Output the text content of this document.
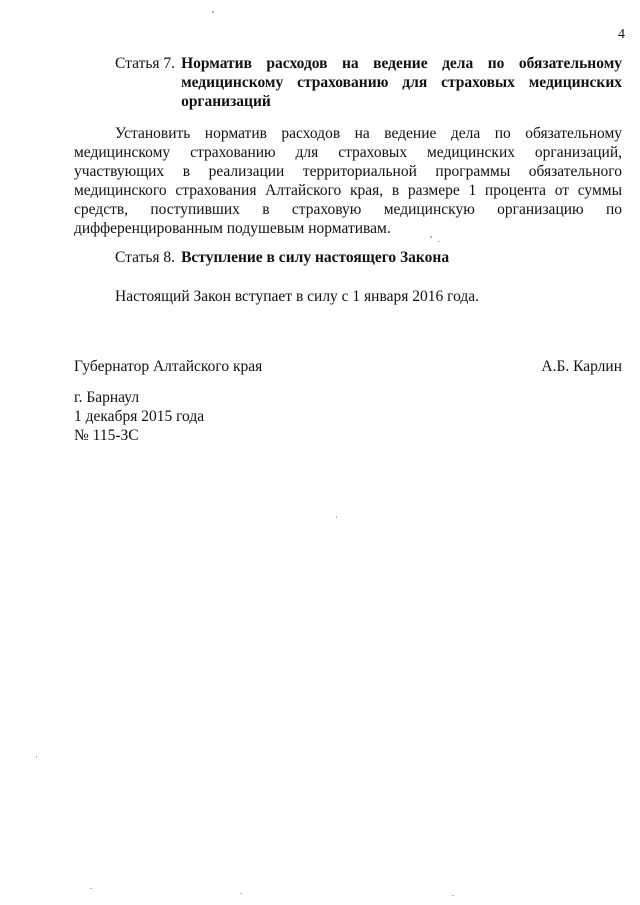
4
Статья 7. Норматив расходов на ведение дела по обязательному медицинскому страхованию для страховых медицинских организаций

Установить норматив расходов на ведение дела по обязательному медицинскому страхованию для страховых медицинских организаций, участвующих в реализации территориальной программы обязательного медицинского страхования Алтайского края, в размере 1 процента от суммы средств, поступивших в страховую медицинскую организацию по дифференцированным подушевым нормативам.

Статья 8. Вступление в силу настоящего Закона

Настоящий Закон вступает в силу с 1 января 2016 года.

Губернатор Алтайского края	А.Б. Карлин
г. Барнаул
1 декабря 2015 года
№ 115-ЗС
